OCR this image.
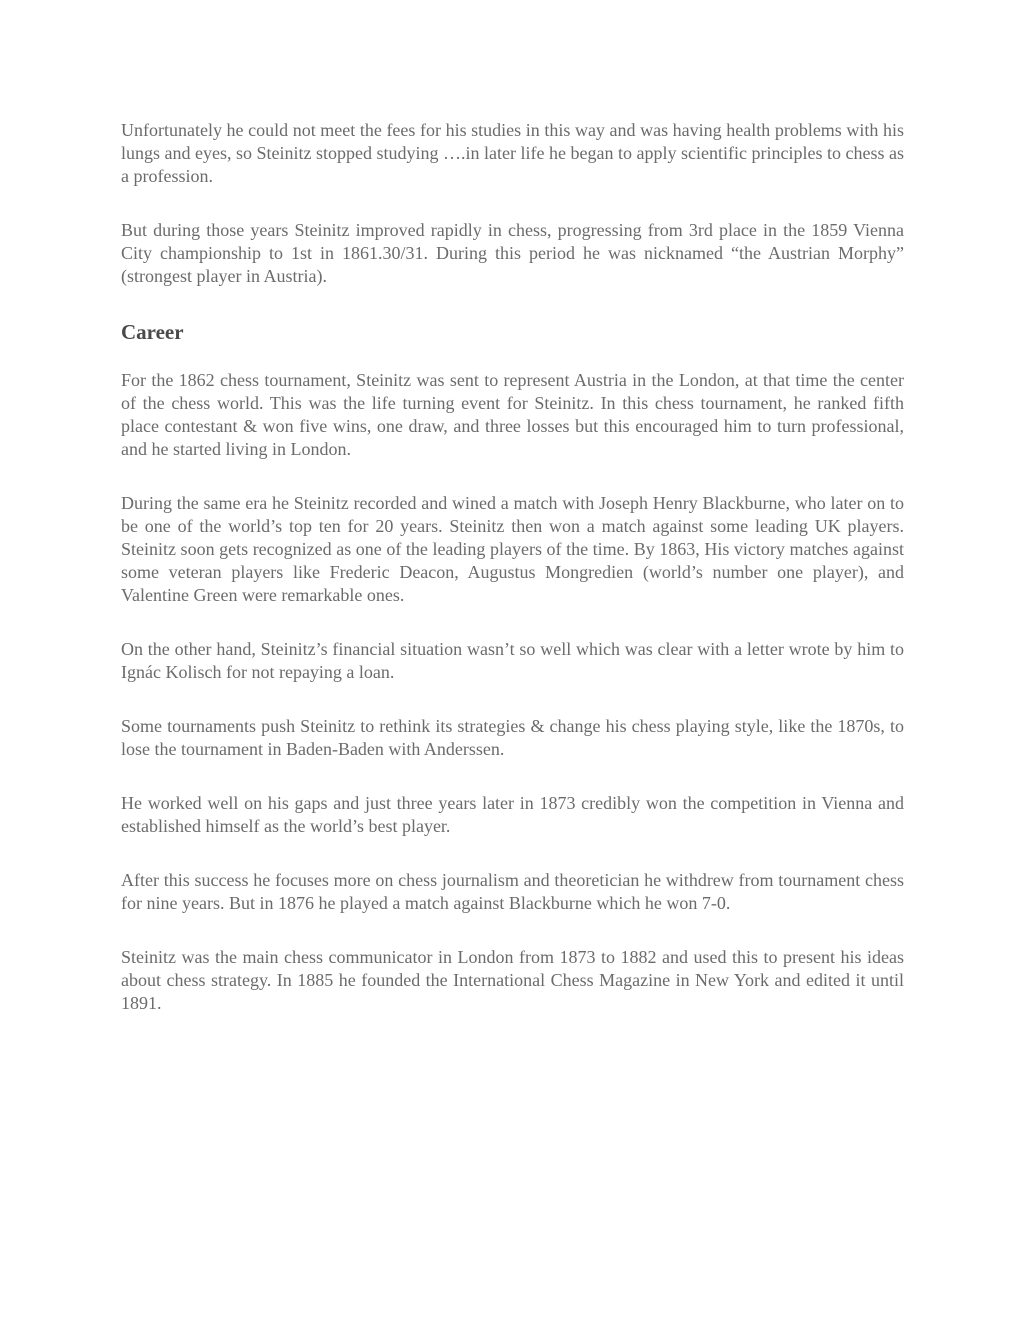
Unfortunately he could not meet the fees for his studies in this way and was having health problems with his lungs and eyes, so Steinitz stopped studying ….in later life he began to apply scientific principles to chess as a profession.

But during those years Steinitz improved rapidly in chess, progressing from 3rd place in the 1859 Vienna City championship to 1st in 1861.30/31. During this period he was nicknamed “the Austrian Morphy” (strongest player in Austria).

Career

For the 1862 chess tournament, Steinitz was sent to represent Austria in the London, at that time the center of the chess world. This was the life turning event for Steinitz. In this chess tournament, he ranked fifth place contestant & won five wins, one draw, and three losses but this encouraged him to turn professional, and he started living in London.

During the same era he Steinitz recorded and wined a match with Joseph Henry Blackburne, who later on to be one of the world’s top ten for 20 years. Steinitz then won a match against some leading UK players. Steinitz soon gets recognized as one of the leading players of the time. By 1863, His victory matches against some veteran players like Frederic Deacon, Augustus Mongredien (world’s number one player), and Valentine Green were remarkable ones.

On the other hand, Steinitz’s financial situation wasn’t so well which was clear with a letter wrote by him to Ignác Kolisch for not repaying a loan.

Some tournaments push Steinitz to rethink its strategies & change his chess playing style, like the 1870s, to lose the tournament in Baden-Baden with Anderssen.

He worked well on his gaps and just three years later in 1873 credibly won the competition in Vienna and established himself as the world’s best player.

After this success he focuses more on chess journalism and theoretician he withdrew from tournament chess for nine years. But in 1876 he played a match against Blackburne which he won 7-0.

Steinitz was the main chess communicator in London from 1873 to 1882 and used this to present his ideas about chess strategy. In 1885 he founded the International Chess Magazine in New York and edited it until 1891.
